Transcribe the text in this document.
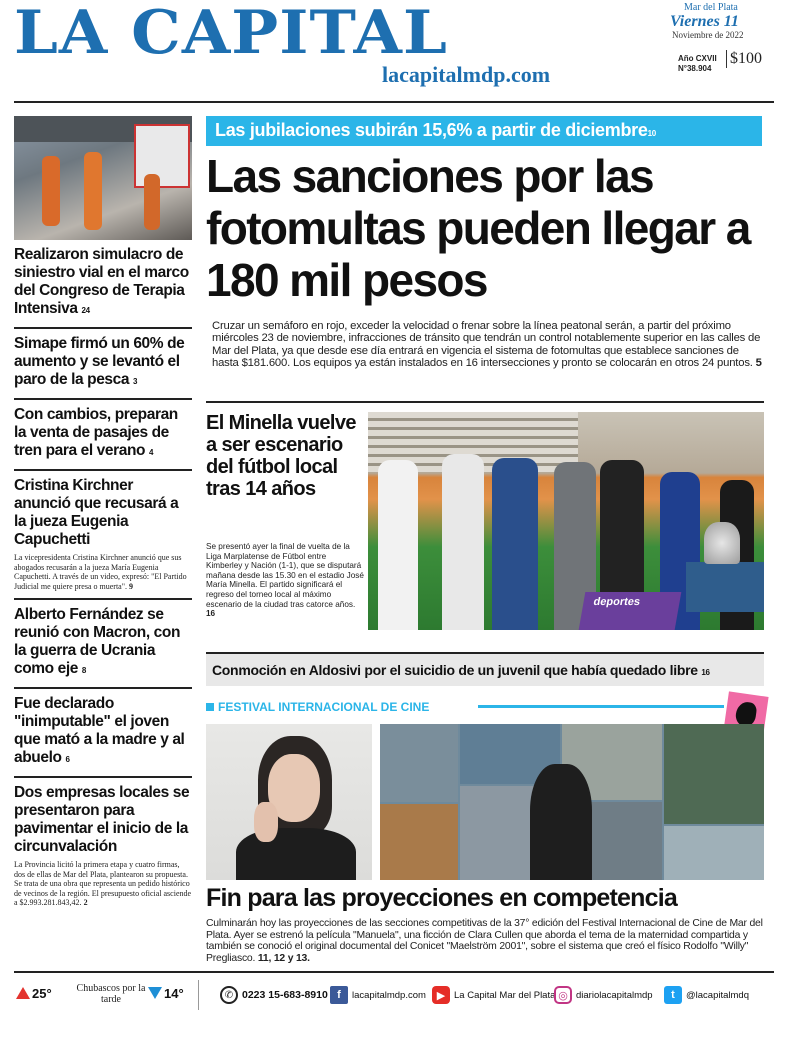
LA CAPITAL
lacapitalmdp.com
Mar del Plata
Viernes 11
Noviembre de 2022
Año CXVII
N°38.904
$100
Realizaron simulacro de siniestro vial en el marco del Congreso de Terapia Intensiva 24
Simape firmó un 60% de aumento y se levantó el paro de la pesca 3
Con cambios, preparan la venta de pasajes de tren para el verano 4
Cristina Kirchner anunció que recusará a la jueza Eugenia Capuchetti
La vicepresidenta Cristina Kirchner anunció que sus abogados recusarán a la jueza María Eugenia Capuchetti. A través de un video, expresó: "El Partido Judicial me quiere presa o muerta". 9
Alberto Fernández se reunió con Macron, con la guerra de Ucrania como eje 8
Fue declarado "inimputable" el joven que mató a la madre y al abuelo 6
Dos empresas locales se presentaron para pavimentar el inicio de la circunvalación
La Provincia licitó la primera etapa y cuatro firmas, dos de ellas de Mar del Plata, plantearon su propuesta. Se trata de una obra que representa un pedido histórico de vecinos de la región. El presupuesto oficial asciende a $2.993.281.843,42. 2
Las jubilaciones subirán 15,6% a partir de diciembre10
Las sanciones por las fotomultas pueden llegar a 180 mil pesos

Cruzar un semáforo en rojo, exceder la velocidad o frenar sobre la línea peatonal serán, a partir del próximo miércoles 23 de noviembre, infracciones de tránsito que tendrán un control notablemente superior en las calles de Mar del Plata, ya que desde ese día entrará en vigencia el sistema de fotomultas que establece sanciones de hasta $181.600. Los equipos ya están instalados en 16 intersecciones y pronto se colocarán en otros 24 puntos. 5

El Minella vuelve a ser escenario del fútbol local tras 14 años

Se presentó ayer la final de vuelta de la Liga Marplatense de Fútbol entre Kimberley y Nación (1-1), que se disputará mañana desde las 15.30 en el estadio José María Minella. El partido significará el regreso del torneo local al máximo escenario de la ciudad tras catorce años. 16

deportes
Conmoción en Aldosivi por el suicidio de un juvenil que había quedado libre 16
FESTIVAL INTERNACIONAL DE CINE
Fin para las proyecciones en competencia

Culminarán hoy las proyecciones de las secciones competitivas de la 37° edición del Festival Internacional de Cine de Mar del Plata. Ayer se estrenó la película "Manuela", una ficción de Clara Cullen que aborda el tema de la maternidad compartida y también se conoció el original documental del Conicet "Maelström 2001", sobre el sistema que creó el físico Rodolfo "Willy" Pregliasco. 11, 12 y 13.

25° Chubascos por la tarde	14°	✆ 0223 15-683-8910 f	lacapitalmdp.com ▶ La Capital Mar del Plata ◎ diariolacapitalmdp	t	@lacapitalmdq
